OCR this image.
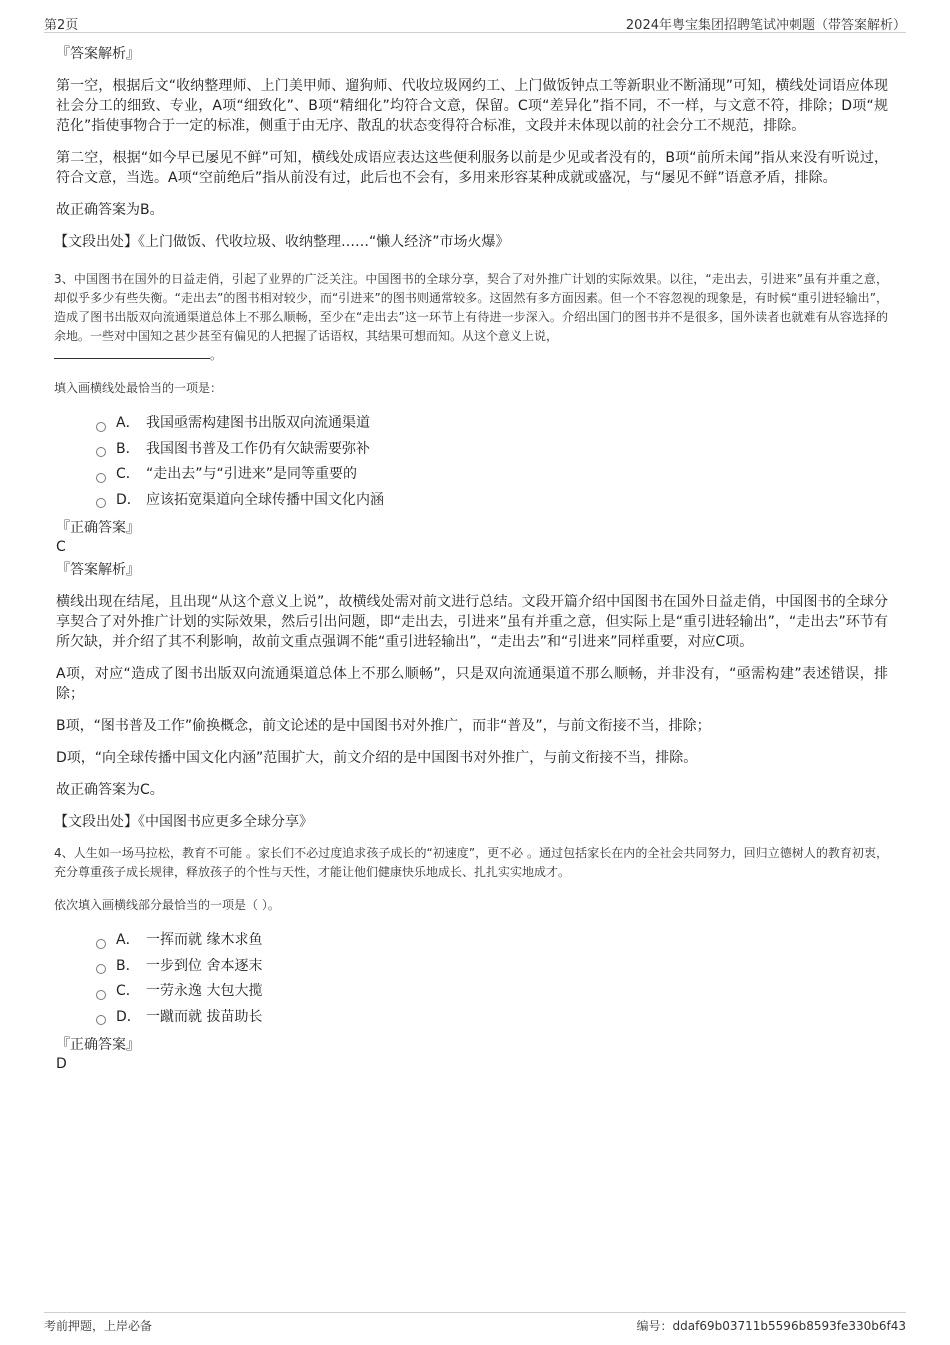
第2页	2024年粤宝集团招聘笔试冲刺题（带答案解析）
『答案解析』

第一空，根据后文“收纳整理师、上门美甲师、遛狗师、代收垃圾网约工、上门做饭钟点工等新职业不断涌现”可知，横线处词语应体现社会分工的细致、专业，A项“细致化”、B项“精细化”均符合文意，保留。C项“差异化”指不同，不一样，与文意不符，排除；D项“规范化”指使事物合于一定的标准，侧重于由无序、散乱的状态变得符合标准，文段并未体现以前的社会分工不规范，排除。

第二空，根据“如今早已屡见不鲜”可知，横线处成语应表达这些便利服务以前是少见或者没有的，B项“前所未闻”指从来没有听说过，符合文意，当选。A项“空前绝后”指从前没有过，此后也不会有，多用来形容某种成就或盛况，与“屡见不鲜”语意矛盾，排除。

故正确答案为B。

【文段出处】《上门做饭、代收垃圾、收纳整理……“懒人经济”市场火爆》
3、中国图书在国外的日益走俏，引起了业界的广泛关注。中国图书的全球分享，契合了对外推广计划的实际效果。以往，“走出去，引进来”虽有并重之意，却似乎多少有些失衡。“走出去”的图书相对较少，而“引进来”的图书则通常较多。这固然有多方面因素。但一个不容忽视的现象是，有时候“重引进轻输出”，造成了图书出版双向流通渠道总体上不那么顺畅，至少在“走出去”这一环节上有待进一步深入。介绍出国门的图书并不是很多，国外读者也就难有从容选择的余地。一些对中国知之甚少甚至有偏见的人把握了话语权，其结果可想而知。从这个意义上说，
。
填入画横线处最恰当的一项是：
A． 我国亟需构建图书出版双向流通渠道
B． 我国图书普及工作仍有欠缺需要弥补
C． “走出去”与“引进来”是同等重要的
D． 应该拓宽渠道向全球传播中国文化内涵
『正确答案』
C
『答案解析』

横线出现在结尾，且出现“从这个意义上说”，故横线处需对前文进行总结。文段开篇介绍中国图书在国外日益走俏，中国图书的全球分享契合了对外推广计划的实际效果，然后引出问题，即“走出去，引进来”虽有并重之意，但实际上是“重引进轻输出”，“走出去”环节有所欠缺，并介绍了其不利影响，故前文重点强调不能“重引进轻输出”，“走出去”和“引进来”同样重要，对应C项。

A项，对应“造成了图书出版双向流通渠道总体上不那么顺畅”，只是双向流通渠道不那么顺畅，并非没有，“亟需构建”表述错误，排除；

B项，“图书普及工作”偷换概念，前文论述的是中国图书对外推广，而非“普及”，与前文衔接不当，排除；

D项，“向全球传播中国文化内涵”范围扩大，前文介绍的是中国图书对外推广，与前文衔接不当，排除。

故正确答案为C。

【文段出处】《中国图书应更多全球分享》
4、人生如一场马拉松，教育不可能 。家长们不必过度追求孩子成长的“初速度”，更不必 。通过包括家长在内的全社会共同努力，回归立德树人的教育初衷，充分尊重孩子成长规律，释放孩子的个性与天性，才能让他们健康快乐地成长、扎扎实实地成才。
依次填入画横线部分最恰当的一项是（ ）。
A． 一挥而就 缘木求鱼
B． 一步到位 舍本逐末
C． 一劳永逸 大包大揽
D． 一蹴而就 拔苗助长
『正确答案』
D
考前押题，上岸必备	编号：ddaf69b03711b5596b8593fe330b6f43
